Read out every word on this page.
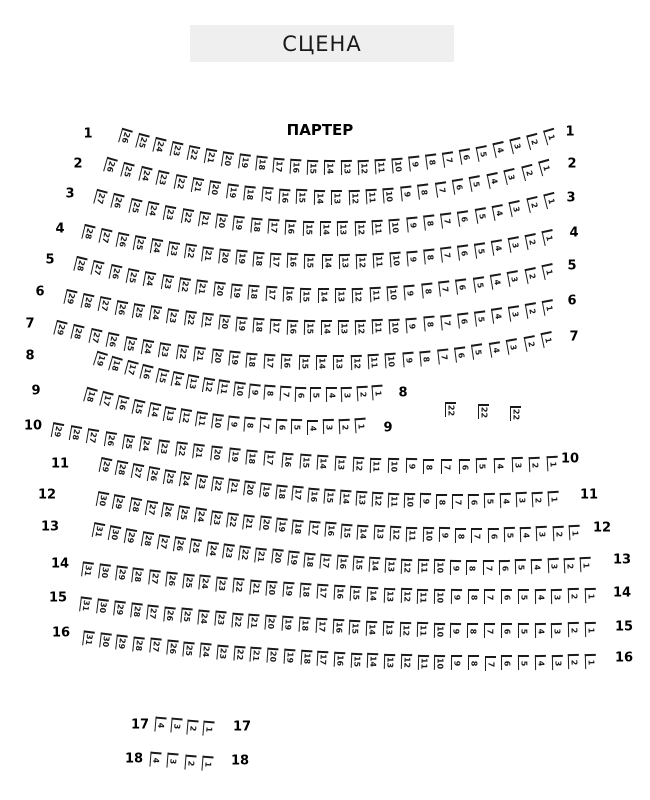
СЦЕНА
ПАРТЕР
26 25 24 23 22 21 20 19 18 17 16 15 14 13 12 11 10 9 8 7 6 5 4
3
2
1
1	1
26 25 24 23 22 21 20 19 18 17 16 15 14 13 12 11 10 9 8 7 6 5 4
3
2
1
2	2
27 26 25 24 23 22 21 20 19 18 17 16 15 14 13 12 11 10 9 8 7 6 5 4 3
2
1
3	3
28 27 26 25 24 23 22 21 20 19 18 17 16 15 14 13 12 11 10 9 8 7 6 5 4 3 2 1
4	4
28 27 26 25 24 23 22 21 20 19 18 17 16 15 14 13 12 11 10 9 8 7 6 5 4 3 2 1
5	5
29 28 27 26 25 24 23 22 21 20 19 18 17 16 15 14 13 12 11 10 9 8 7 6 5 4 3 2 1
6
6
29 28 27 26 25 24 23 22 21 20 19 18 17 16 15 14 13 12 11 10 9 8 7 6 5 4 3 2 1
7
7
19 18 17 16 15 14 13 12 11 10 9 8 7 6 5 4 3 2 1
8
8
18 17 16 15 14 13 12 11 10 9 8 7 6 5 4 3 2 1
22	22	22
9
9
29 28 27 26 25 24 23 22 21 20 19 18 17 16 15 14 13 12 11 10 9 8 7 6 5 4 3 2 1
10
10
29 28 27 26 25 24 23 22 21 20 19 18 17 16 15 14 13 12 11 10 9 8 7 6 5 4 3 2 1
11
11
30 29 28 27 26 25 24 23 22 21 20 19 18 17 16 15 14 13 12 11 10 9 8 7 6 5 4 3 2 1
12
12
31 30 29 28 27 26 25 24 23 22 21 20 19 18 17 16 15 14 13 12 11 10 9 8 7 6 5 4 3 2 1
13
13
31 30 29 28 27 26 25 24 23 22 21 20 19 18 17 16 15 14 13 12 11 10 9 8 7 6 5 4 3 2 1
14
14
31 30 29 28 27 26 25 24 23 22 21 20 19 18 17 16 15 14 13 12 11 10 9 8 7 6 5 4 3 2 1
15
15
31 30 29 28 27 26 25 24 23 22 21 20 19 18 17 16 15 14 13 12 11 10 9 8 7 6 5 4 3 2 1
16
16
4 3 2 1
17	17
4 3 2 1
18	18
